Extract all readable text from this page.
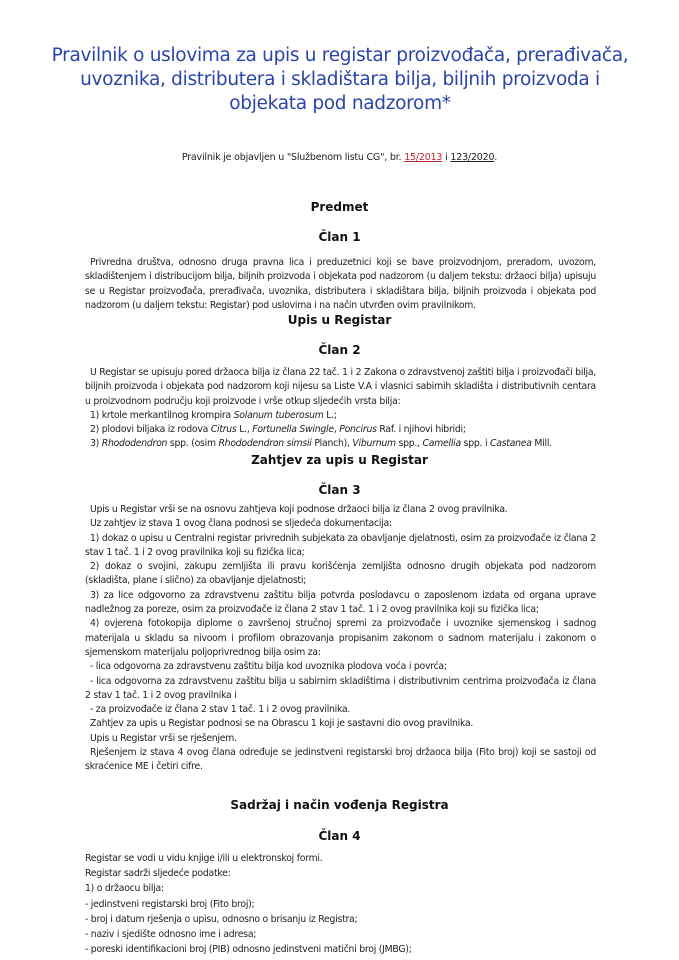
Pravilnik o uslovima za upis u registar proizvođača, prerađivača, uvoznika, distributera i skladištara bilja, biljnih proizvoda i objekata pod nadzorom*
Pravilnik je objavljen u "Službenom listu CG", br. 15/2013 i 123/2020.
Predmet
Član 1

Privredna društva, odnosno druga pravna lica i preduzetnici koji se bave proizvodnjom, preradom, uvozom, skladištenjem i distribucijom bilja, biljnih proizvoda i objekata pod nadzorom (u daljem tekstu: držaoci bilja) upisuju se u Registar proizvođača, prerađivača, uvoznika, distributera i skladištara bilja, biljnih proizvoda i objekata pod nadzorom (u daljem tekstu: Registar) pod uslovima i na način utvrđen ovim pravilnikom.

Upis u Registar
Član 2

U Registar se upisuju pored držaoca bilja iz člana 22 tač. 1 i 2 Zakona o zdravstvenoj zaštiti bilja i proizvođači bilja, biljnih proizvoda i objekata pod nadzorom koji nijesu sa Liste V.A i vlasnici sabirnih skladišta i distributivnih centara u proizvodnom području koji proizvode i vrše otkup sljedećih vrsta bilja:

1) krtole merkantilnog krompira Solanum tuberosum L.;

2) plodovi biljaka iz rodova Citrus L., Fortunella Swingle, Poncirus Raf. i njihovi hibridi;

3) Rhododendron spp. (osim Rhododendron simsii Planch), Viburnum spp., Camellia spp. i Castanea Mill.

Zahtjev za upis u Registar
Član 3

Upis u Registar vrši se na osnovu zahtjeva koji podnose držaoci bilja iz člana 2 ovog pravilnika.

Uz zahtjev iz stava 1 ovog člana podnosi se sljedeća dokumentacija:

1) dokaz o upisu u Centralni registar privrednih subjekata za obavljanje djelatnosti, osim za proizvođače iz člana 2 stav 1 tač. 1 i 2 ovog pravilnika koji su fizička lica;

2) dokaz o svojini, zakupu zemljišta ili pravu korišćenja zemljišta odnosno drugih objekata pod nadzorom (skladišta, plane i slično) za obavljanje djelatnosti;

3) za lice odgovorno za zdravstvenu zaštitu bilja potvrda poslodavcu o zaposlenom izdata od organa uprave nadležnog za poreze, osim za proizvođače iz člana 2 stav 1 tač. 1 i 2 ovog pravilnika koji su fizička lica;

4) ovjerena fotokopija diplome o završenoj stručnoj spremi za proizvođače i uvoznike sjemenskog i sadnog materijala u skladu sa nivoom i profilom obrazovanja propisanim zakonom o sadnom materijalu i zakonom o sjemenskom materijalu poljoprivrednog bilja osim za:

- lica odgovorna za zdravstvenu zaštitu bilja kod uvoznika plodova voća i povrća;

- lica odgovorna za zdravstvenu zaštitu bilja u sabirnim skladištima i distributivnim centrima proizvođača iz člana 2 stav 1 tač. 1 i 2 ovog pravilnika i

- za proizvođače iz člana 2 stav 1 tač. 1 i 2 ovog pravilnika.

Zahtjev za upis u Registar podnosi se na Obrascu 1 koji je sastavni dio ovog pravilnika.

Upis u Registar vrši se rješenjem.

Rješenjem iz stava 4 ovog člana određuje se jedinstveni registarski broj držaoca bilja (Fito broj) koji se sastoji od skraćenice ME i četiri cifre.

Sadržaj i način vođenja Registra
Član 4

Registar se vodi u vidu knjige i/ili u elektronskoj formi.

Registar sadrži sljedeće podatke:

1) o držaocu bilja:

- jedinstveni registarski broj (Fito broj);

- broj i datum rješenja o upisu, odnosno o brisanju iz Registra;

- naziv i sjedište odnosno ime i adresa;

- poreski identifikacioni broj (PIB) odnosno jedinstveni matični broj (JMBG);
